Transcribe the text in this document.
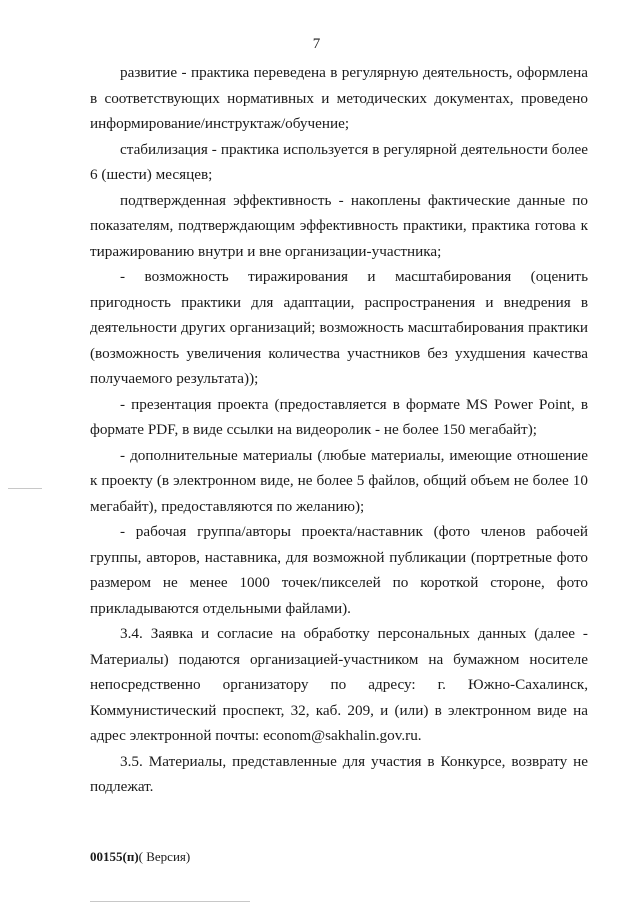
7

развитие - практика переведена в регулярную деятельность, оформлена в соответствующих нормативных и методических документах, проведено информирование/инструктаж/обучение;

стабилизация - практика используется в регулярной деятельности более 6 (шести) месяцев;

подтвержденная эффективность - накоплены фактические данные по показателям, подтверждающим эффективность практики, практика готова к тиражированию внутри и вне организации-участника;

- возможность тиражирования и масштабирования (оценить пригодность практики для адаптации, распространения и внедрения в деятельности других организаций; возможность масштабирования практики (возможность увеличения количества участников без ухудшения качества получаемого результата));

- презентация проекта (предоставляется в формате MS Power Point, в формате PDF, в виде ссылки на видеоролик - не более 150 мегабайт);

- дополнительные материалы (любые материалы, имеющие отношение к проекту (в электронном виде, не более 5 файлов, общий объем не более 10 мегабайт), предоставляются по желанию);

- рабочая группа/авторы проекта/наставник (фото членов рабочей группы, авторов, наставника, для возможной публикации (портретные фото размером не менее 1000 точек/пикселей по короткой стороне, фото прикладываются отдельными файлами).

3.4. Заявка и согласие на обработку персональных данных (далее - Материалы) подаются организацией-участником на бумажном носителе непосредственно организатору по адресу: г. Южно-Сахалинск, Коммунистический проспект, 32, каб. 209, и (или) в электронном виде на адрес электронной почты: econom@sakhalin.gov.ru.

3.5. Материалы, представленные для участия в Конкурсе, возврату не подлежат.

00155(п)( Версия)
